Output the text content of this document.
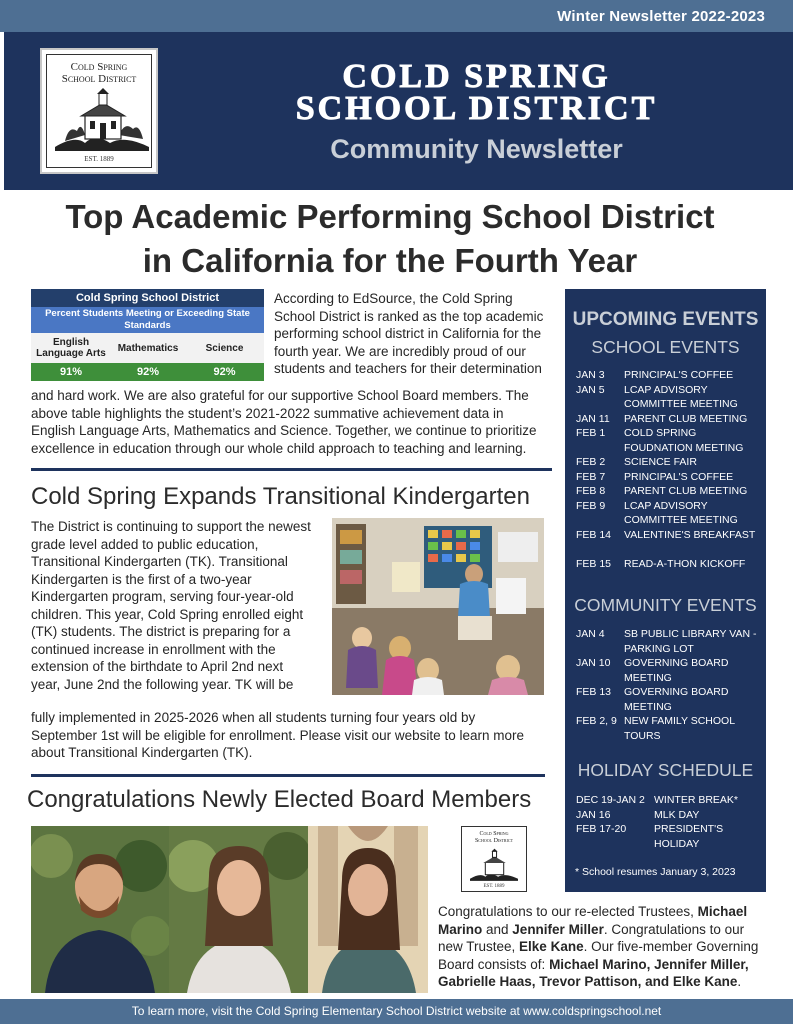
Winter Newsletter 2022-2023
Cold Spring
School District
EST. 1889
COLD SPRING
SCHOOL DISTRICT
Community Newsletter
Top Academic Performing School District
in California for the Fourth Year
Cold Spring School District
Percent Students Meeting or Exceeding State Standards
English Language Arts	Mathematics	Science
91%	92%	92%
According to EdSource, the Cold Spring
School District is ranked as the top academic
performing school district in California for the
fourth year. We are incredibly proud of our
students and teachers for their determination
and hard work. We are also grateful for our supportive School Board members. The
above table highlights the student’s 2021-2022 summative achievement data in
English Language Arts, Mathematics and Science. Together, we continue to prioritize
excellence in education through our whole child approach to teaching and learning.
Cold Spring Expands Transitional Kindergarten
The District is continuing to support the newest
grade level added to public education,
Transitional Kindergarten (TK). Transitional
Kindergarten is the first of a two-year
Kindergarten program, serving four-year-old
children. This year, Cold Spring enrolled eight
(TK) students. The district is preparing for a
continued increase in enrollment with the
extension of the birthdate to April 2nd next
year, June 2nd the following year. TK will be
fully implemented in 2025-2026 when all students turning four years old by
September 1st will be eligible for enrollment. Please visit our website to learn more
about Transitional Kindergarten (TK).
Congratulations Newly Elected Board Members
Cold Spring
School District
EST. 1889
Congratulations to our re-elected Trustees, Michael Marino and Jennifer Miller. Congratulations to our new Trustee, Elke Kane. Our five-member Governing Board consists of: Michael Marino, Jennifer Miller, Gabrielle Haas, Trevor Pattison, and Elke Kane.
UPCOMING EVENTS
SCHOOL EVENTS
JAN 3 PRINCIPAL'S COFFEE
JAN 5 LCAP ADVISORY COMMITTEE MEETING
JAN 11 PARENT CLUB MEETING
FEB 1 COLD SPRING FOUDNATION MEETING
FEB 2 SCIENCE FAIR
FEB 7 PRINCIPAL'S COFFEE
FEB 8 PARENT CLUB MEETING
FEB 9 LCAP ADVISORY COMMITTEE MEETING
FEB 14 VALENTINE'S BREAKFAST
FEB 15 READ-A-THON KICKOFF
COMMUNITY EVENTS
JAN 4 SB PUBLIC LIBRARY VAN - PARKING LOT
JAN 10 GOVERNING BOARD MEETING
FEB 13 GOVERNING BOARD MEETING
FEB 2, 9 NEW FAMILY SCHOOL TOURS
HOLIDAY SCHEDULE
DEC 19-JAN 2 WINTER BREAK*
JAN 16	MLK DAY
FEB 17-20	PRESIDENT'S HOLIDAY
* School resumes January 3, 2023
To learn more, visit the Cold Spring Elementary School District website at www.coldspringschool.net
